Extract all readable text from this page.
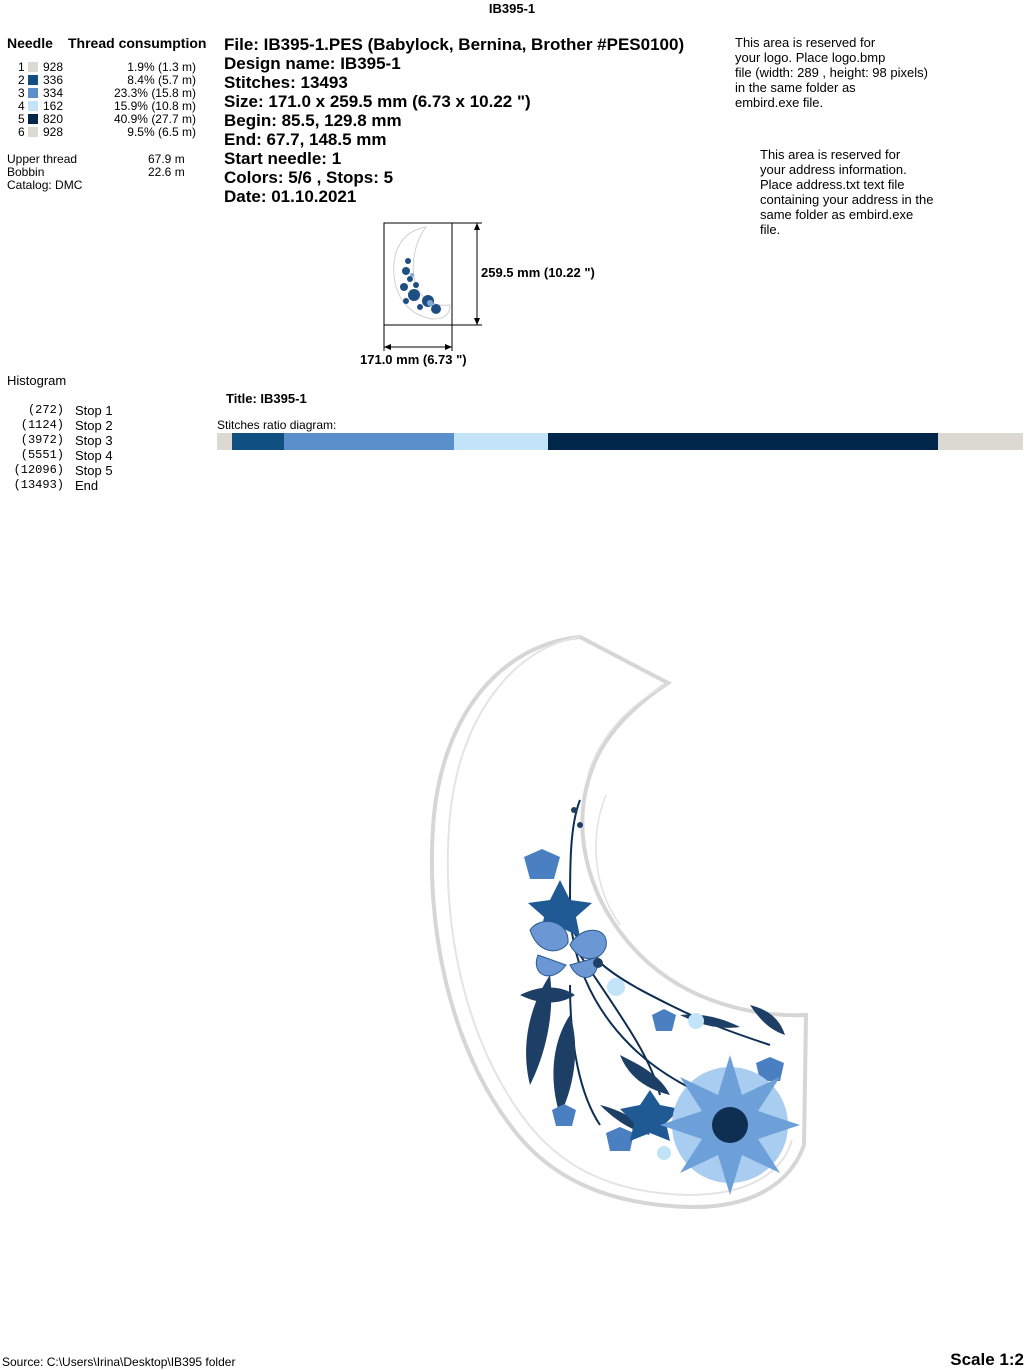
IB395-1
Needle Thread consumption
1 928	1.9% (1.3 m)
2 336	8.4% (5.7 m)
3 334	23.3% (15.8 m)
4 162	15.9% (10.8 m)
5 820	40.9% (27.7 m)
6 928	9.5% (6.5 m)
Upper thread	67.9 m
Bobbin	22.6 m
Catalog: DMC
File: IB395-1.PES (Babylock, Bernina, Brother #PES0100)
Design name: IB395-1
Stitches: 13493
Size: 171.0 x 259.5 mm (6.73 x 10.22 ")
Begin: 85.5, 129.8 mm
End: 67.7, 148.5 mm
Start needle: 1
Colors: 5/6 , Stops: 5
Date: 01.10.2021
This area is reserved for
your logo. Place logo.bmp
file (width: 289 , height: 98 pixels)
in the same folder as
embird.exe file.
This area is reserved for
your address information.
Place address.txt text file
containing your address in the
same folder as embird.exe
file.
259.5 mm (10.22 ")
171.0 mm (6.73 ")
Histogram
(272) Stop 1
(1124) Stop 2
(3972) Stop 3
(5551) Stop 4
(12096) Stop 5
(13493) End
Title: IB395-1
Stitches ratio diagram:
Source: C:\Users\Irina\Desktop\IB395 folder	Scale 1:2
